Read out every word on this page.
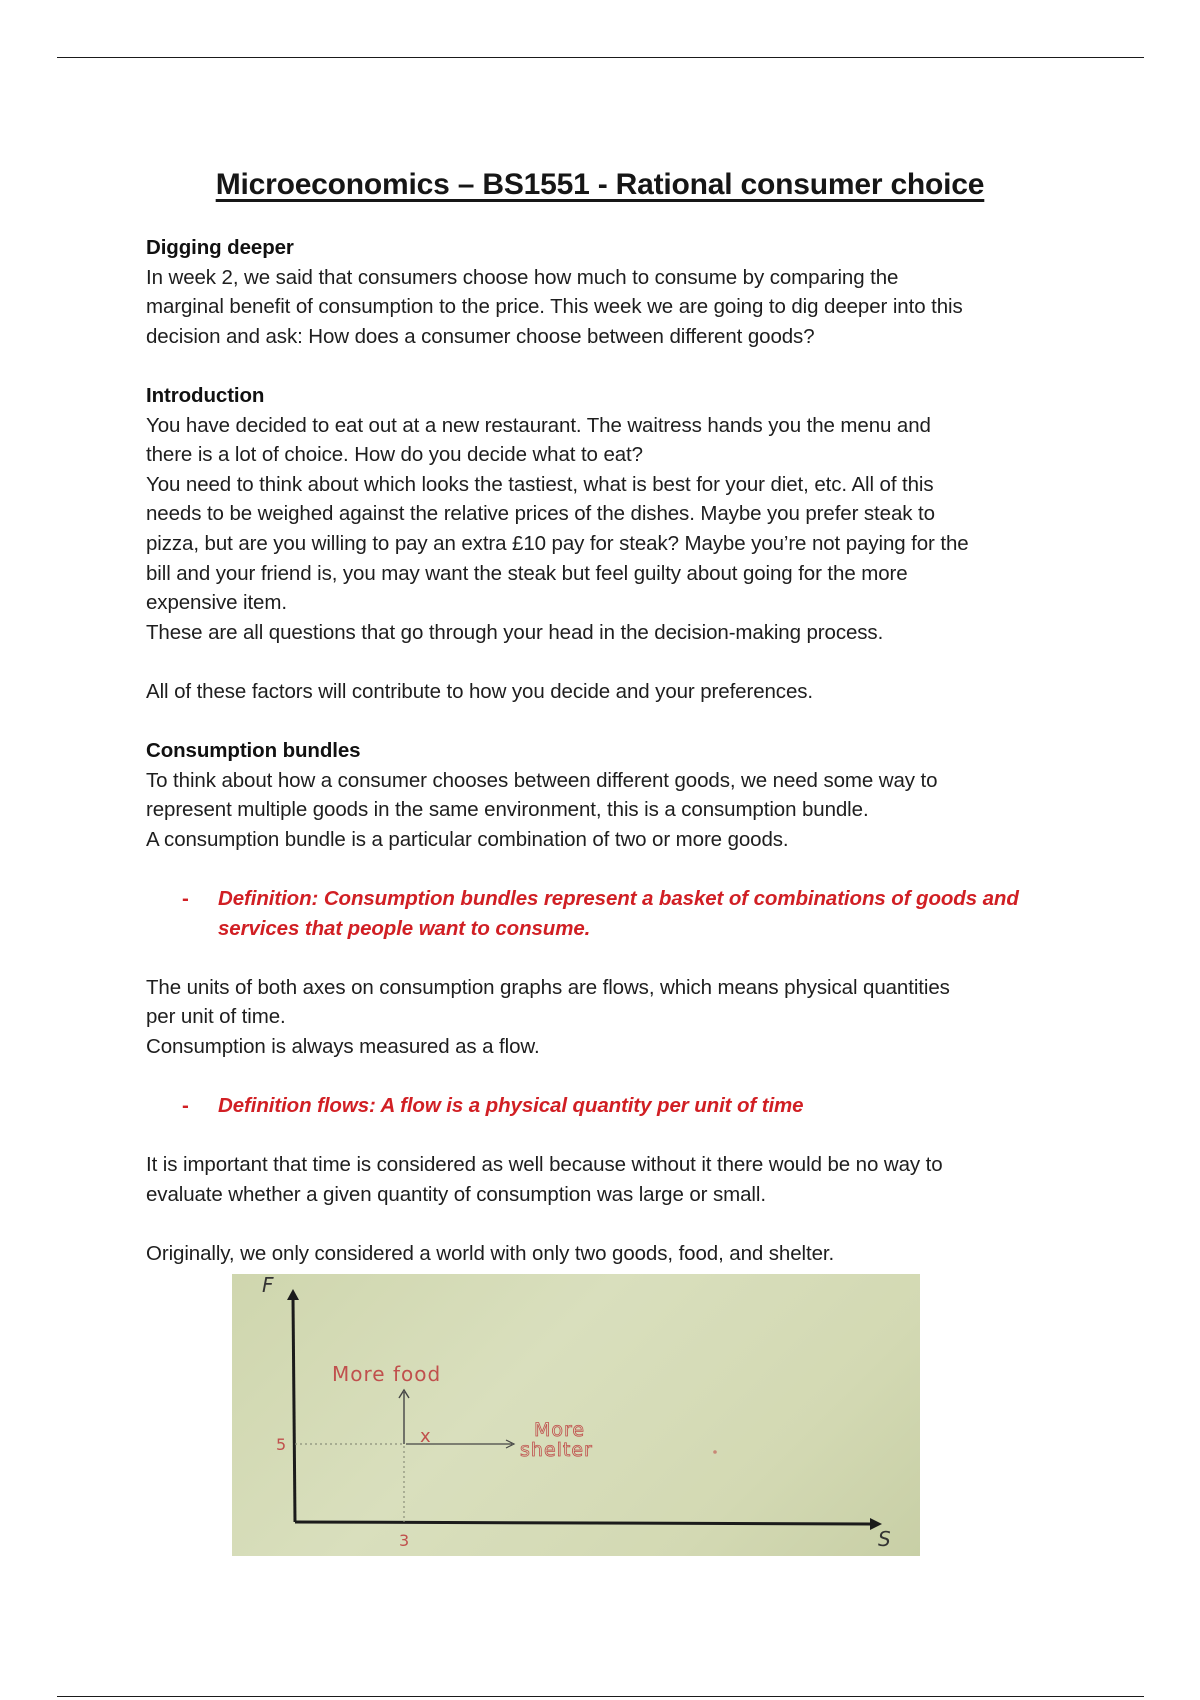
Microeconomics – BS1551 - Rational consumer choice

Digging deeper

In week 2, we said that consumers choose how much to consume by comparing the

marginal benefit of consumption to the price. This week we are going to dig deeper into this

decision and ask: How does a consumer choose between different goods?

Introduction

You have decided to eat out at a new restaurant. The waitress hands you the menu and

there is a lot of choice. How do you decide what to eat?

You need to think about which looks the tastiest, what is best for your diet, etc. All of this

needs to be weighed against the relative prices of the dishes. Maybe you prefer steak to

pizza, but are you willing to pay an extra £10 pay for steak? Maybe you’re not paying for the

bill and your friend is, you may want the steak but feel guilty about going for the more

expensive item.

These are all questions that go through your head in the decision-making process.

All of these factors will contribute to how you decide and your preferences.

Consumption bundles

To think about how a consumer chooses between different goods, we need some way to

represent multiple goods in the same environment, this is a consumption bundle.

A consumption bundle is a particular combination of two or more goods.

-	Definition: Consumption bundles represent a basket of combinations of goods and

services that people want to consume.

The units of both axes on consumption graphs are flows, which means physical quantities

per unit of time.

Consumption is always measured as a flow.

-	Definition flows: A flow is a physical quantity per unit of time

It is important that time is considered as well because without it there would be no way to

evaluate whether a given quantity of consumption was large or small.

Originally, we only considered a world with only two goods, food, and shelter.

F
S
More food
x	More
shelter
5
3
